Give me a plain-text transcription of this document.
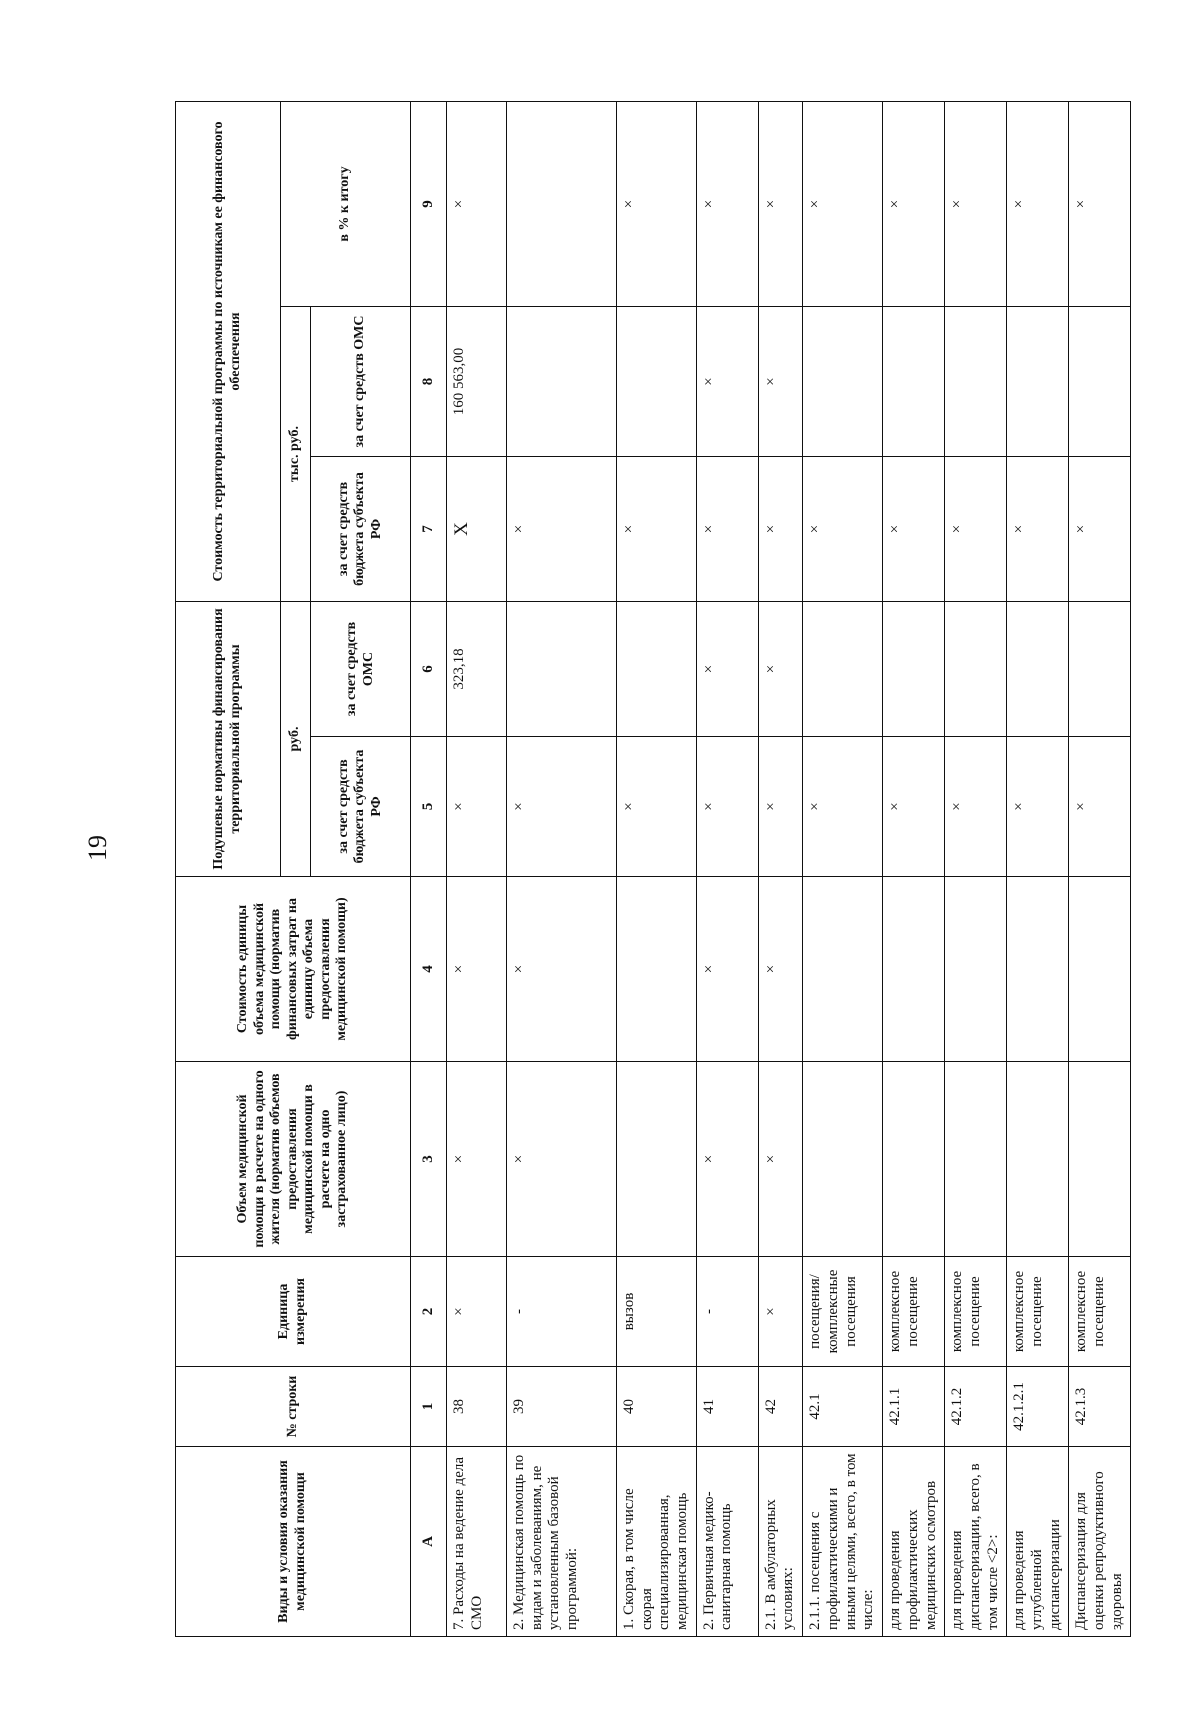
19
Виды и условия оказания медицинской помощи	№ строки	Единица измерения	Объем медицинской помощи в расчете на одного жителя (норматив объемов предоставления медицинской помощи в расчете на одно застрахованное лицо)	Стоимость единицы объема медицинской помощи (норматив финансовых затрат на единицу объема предоставления медицинской помощи)	Подушевые нормативы финансирования территориальной программы		Стоимость территориальной программы по источникам ее финансового обеспечения		
					руб.		тыс. руб.		в % к итогу
					за счет средств бюджета субъекта РФ	за счет средств ОМС	за счет средств бюджета субъекта РФ	за счет средств ОМС	
А	1	2	3	4	5	6	7	8	9
7. Расходы на ведение дела СМО	38	×	×	×	×	323,18	Х	160 563,00	×
2. Медицинская помощь по видам и заболеваниям, не установленным базовой программой:	39	-	×	×	×		×		
1. Скорая, в том числе скорая специализированная, медицинская помощь	40	вызов			×		×		×
2. Первичная медико-санитарная помощь	41	-	×	×	×	×	×	×	×
2.1. В амбулаторных условиях:	42	×	×	×	×	×	×	×	×
2.1.1. посещения с профилактическими и иными целями, всего, в том числе:	42.1	посещения/комплексные посещения			×		×		×
для проведения профилактических медицинских осмотров	42.1.1	комплексное посещение			×		×		×
для проведения диспансеризации, всего, в том числе <2>:	42.1.2	комплексное посещение			×		×		×
для проведения углубленной диспансеризации	42.1.2.1	комплексное посещение			×		×		×
Диспансеризация для оценки репродуктивного здоровья	42.1.3	комплексное посещение			×		×		×
